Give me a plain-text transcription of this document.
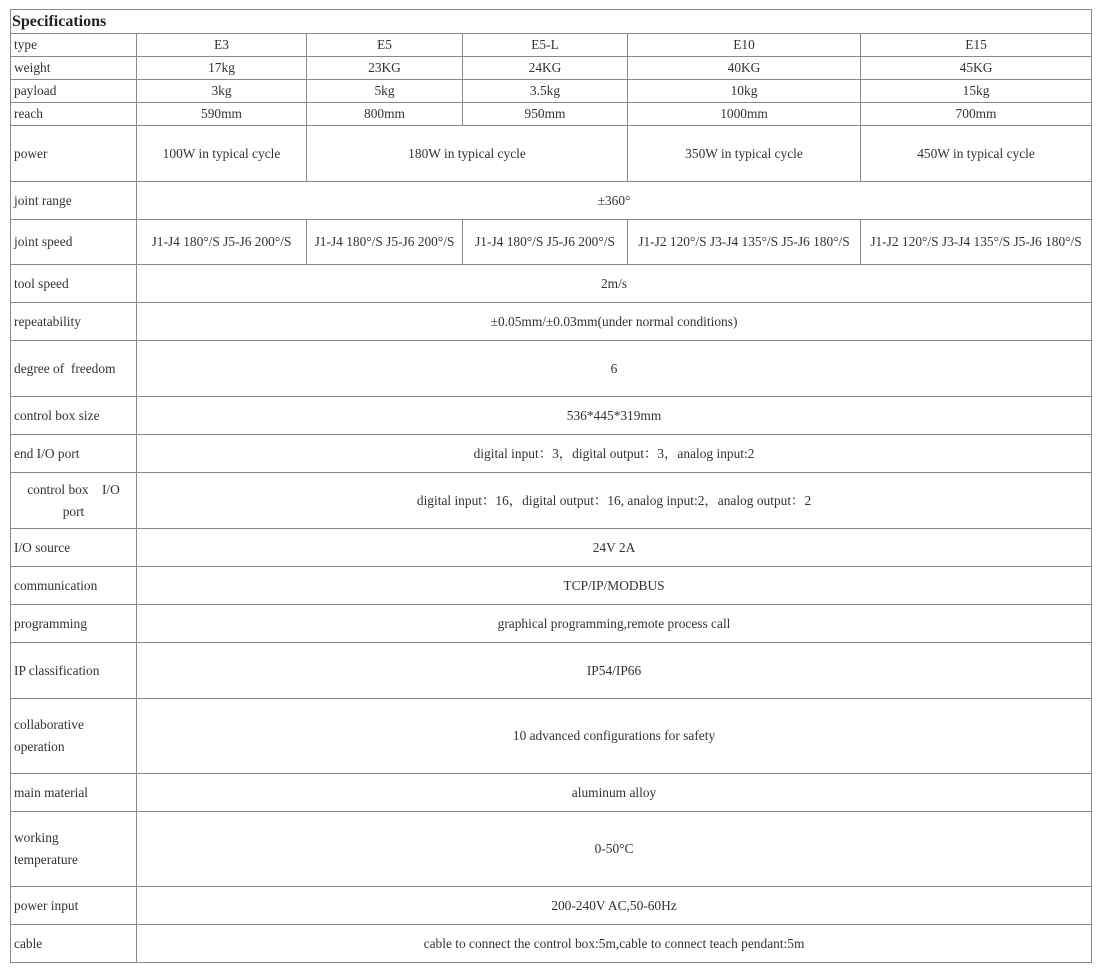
Specifications					
type	E3	E5	E5-L	E10	E15
weight	17kg	23KG	24KG	40KG	45KG
payload	3kg	5kg	3.5kg	10kg	15kg
reach	590mm	800mm	950mm	1000mm	700mm
power	100W in typical cycle	180W in typical cycle		350W in typical cycle	450W in typical cycle
joint range	±360°				
joint speed	J1-J4 180°/S J5-J6 200°/S	J1-J4 180°/S J5-J6 200°/S	J1-J4 180°/S J5-J6 200°/S	J1-J2 120°/S J3-J4 135°/S J5-J6 180°/S	J1-J2 120°/S J3-J4 135°/S J5-J6 180°/S
tool speed	2m/s				
repeatability	±0.05mm/±0.03mm(under normal conditions)				
degree of  freedom	6				
control box size	536*445*319mm				
end I/O port	digital input：3，digital output：3，analog input:2				
control box    I/O port	digital input：16，digital output：16, analog input:2，analog output：2				
I/O source	24V 2A				
communication	TCP/IP/MODBUS				
programming	graphical programming,remote process call				
IP classification	IP54/IP66				
collaborative operation	10 advanced configurations for safety				
main material	aluminum alloy				
working temperature	0-50°C				
power input	200-240V AC,50-60Hz				
cable	cable to connect the control box:5m,cable to connect teach pendant:5m				
